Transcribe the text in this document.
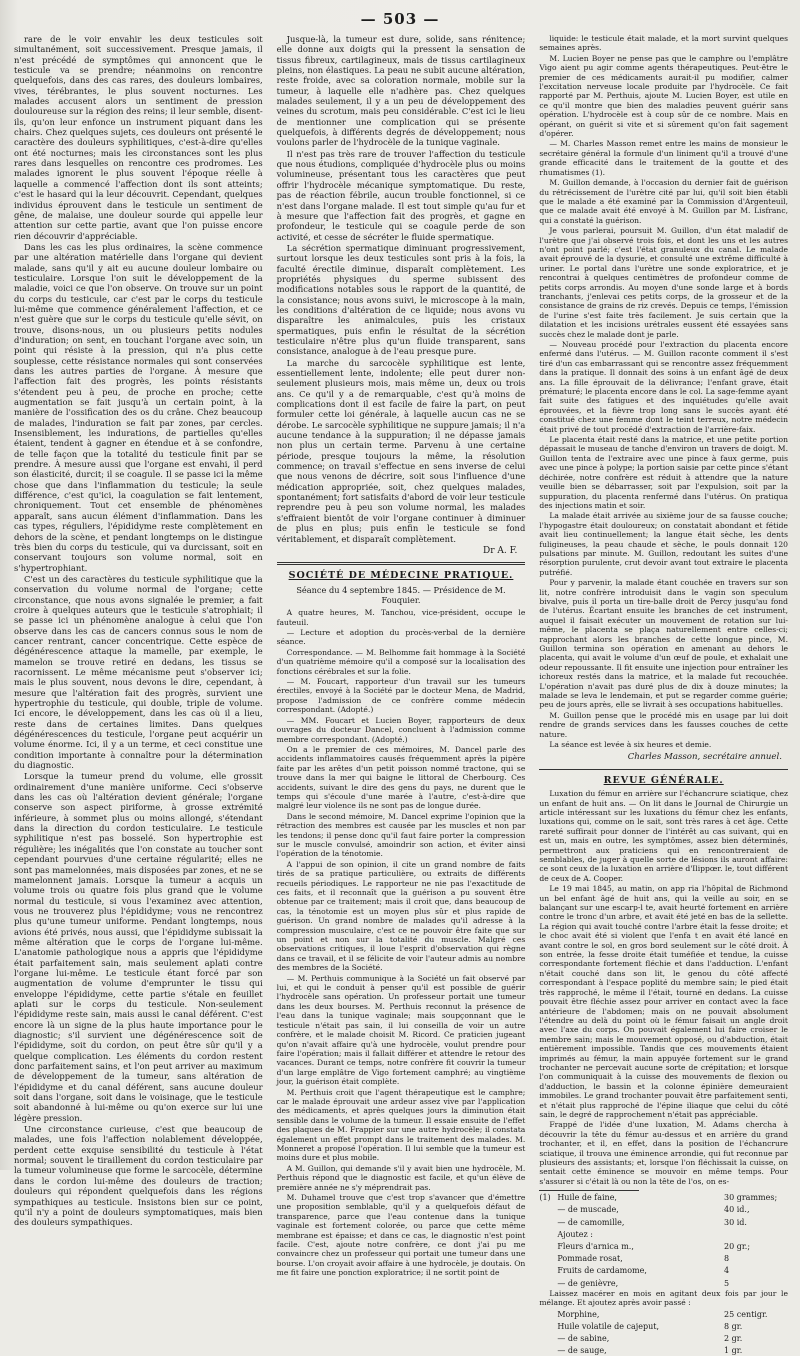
— 503 —

rare de le voir envahir les deux testicules soit simultanément, soit successivement. Presque jamais, il n'est précédé de symptômes qui annoncent que le testicule va se prendre; néanmoins on rencontre quelquefois, dans des cas rares, des douleurs lombaires, vives, térébrantes, le plus souvent nocturnes. Les malades accusent alors un sentiment de pression douloureuse sur la région des reins; il leur semble, disent-ils, qu'on leur enfonce un instrument piquant dans les chairs. Chez quelques sujets, ces douleurs ont présenté le caractère des douleurs syphilitiques, c'est-à-dire qu'elles ont été nocturnes; mais les circonstances sont les plus rares dans lesquelles on rencontre ces prodromes. Les malades ignorent le plus souvent l'époque réelle à laquelle a commencé l'affection dont ils sont atteints; c'est le hasard qui la leur découvrit. Cependant, quelques individus éprouvent dans le testicule un sentiment de gêne, de malaise, une douleur sourde qui appelle leur attention sur cette partie, avant que l'on puisse encore rien découvrir d'appréciable.

Dans les cas les plus ordinaires, la scène commence par une altération matérielle dans l'organe qui devient malade, sans qu'il y ait eu aucune douleur lombaire ou testiculaire. Lorsque l'on suit le développement de la maladie, voici ce que l'on observe. On trouve sur un point du corps du testicule, car c'est par le corps du testicule lui-même que commence généralement l'affection, et ce n'est guère que sur le corps du testicule qu'elle sévit, on trouve, disons-nous, un ou plusieurs petits nodules d'induration; on sent, en touchant l'organe avec soin, un point qui résiste à la pression, qui n'a plus cette souplesse, cette résistance normales qui sont conservées dans les autres parties de l'organe. À mesure que l'affection fait des progrès, les points résistants s'étendent peu à peu, de proche en proche; cette augmentation se fait jusqu'à un certain point, à la manière de l'ossification des os du crâne. Chez beaucoup de malades, l'induration se fait par zones, par cercles. Insensiblement, les indurations, de partielles qu'elles étaient, tendent à gagner en étendue et à se confondre, de telle façon que la totalité du testicule finit par se prendre. À mesure aussi que l'organe est envahi, il perd son élasticité, durcit; il se coagule. Il se passe ici la même chose que dans l'inflammation du testicule; la seule différence, c'est qu'ici, la coagulation se fait lentement, chroniquement. Tout cet ensemble de phénomènes apparaît, sans aucun élément d'inflammation. Dans les cas types, réguliers, l'épididyme reste complètement en dehors de la scène, et pendant longtemps on le distingue très bien du corps du testicule, qui va durcissant, soit en conservant toujours son volume normal, soit en s'hypertrophiant.

C'est un des caractères du testicule syphilitique que la conservation du volume normal de l'organe; cette circonstance, que nous avons signalée le premier, a fait croire à quelques auteurs que le testicule s'atrophiait; il se passe ici un phénomène analogue à celui que l'on observe dans les cas de cancers connus sous le nom de cancer rentrant, cancer concentrique. Cette espèce de dégénérescence attaque la mamelle, par exemple, le mamelon se trouve retiré en dedans, les tissus se racornissent. Le même mécanisme peut s'observer ici; mais le plus souvent, nous devons le dire, cependant, à mesure que l'altération fait des progrès, survient une hypertrophie du testicule, qui double, triple de volume. Ici encore, le développement, dans les cas où il a lieu, reste dans de certaines limites. Dans quelques dégénérescences du testicule, l'organe peut acquérir un volume énorme. Ici, il y a un terme, et ceci constitue une condition importante à connaître pour la détermination du diagnostic.

Lorsque la tumeur prend du volume, elle grossit ordinairement d'une manière uniforme. Ceci s'observe dans les cas où l'altération devient générale; l'organe conserve son aspect piriforme, à grosse extrémité inférieure, à sommet plus ou moins allongé, s'étendant dans la direction du cordon testiculaire. Le testicule syphilitique n'est pas bosselé. Son hypertrophie est régulière; les inégalités que l'on constate au toucher sont cependant pourvues d'une certaine régularité; elles ne sont pas mamelonnées, mais disposées par zones, et ne se mamelonnent jamais. Lorsque la tumeur a acquis un volume trois ou quatre fois plus grand que le volume normal du testicule, si vous l'examinez avec attention, vous ne trouverez plus l'épididyme; vous ne rencontrez plus qu'une tumeur uniforme. Pendant longtemps, nous avions été privés, nous aussi, que l'épididyme subissait la même altération que le corps de l'organe lui-même. L'anatomie pathologique nous a appris que l'épididyme était parfaitement sain, mais seulement aplati contre l'organe lui-même. Le testicule étant forcé par son augmentation de volume d'emprunter le tissu qui enveloppe l'épididyme, cette partie s'étale en feuillet aplati sur le corps du testicule. Non-seulement l'épididyme reste sain, mais aussi le canal déférent. C'est encore là un signe de la plus haute importance pour le diagnostic; s'il survient une dégénérescence soit de l'épididyme, soit du cordon, on peut être sûr qu'il y a quelque complication. Les éléments du cordon restent donc parfaitement sains, et l'on peut arriver au maximum de développement de la tumeur, sans altération de l'épididyme et du canal déférent, sans aucune douleur soit dans l'organe, soit dans le voisinage, que le testicule soit abandonné à lui-même ou qu'on exerce sur lui une légère pression.

Une circonstance curieuse, c'est que beaucoup de malades, une fois l'affection nolablement développée, perdent cette exquise sensibilité du testicule à l'état normal; souvent le tiraillement du cordon testiculaire par la tumeur volumineuse que forme le sarcocèle, détermine dans le cordon lui-même des douleurs de traction; douleurs qui répondent quelquefois dans les régions sympathiques au testicule. Insistons bien sur ce point, qu'il n'y a point de douleurs symptomatiques, mais bien des douleurs sympathiques.

Jusque-là, la tumeur est dure, solide, sans rénitence; elle donne aux doigts qui la pressent la sensation de tissus fibreux, cartilagineux, mais de tissus cartilagineux pleins, non élastiques. La peau ne subit aucune altération, reste froide, avec sa coloration normale, mobile sur la tumeur, à laquelle elle n'adhère pas. Chez quelques malades seulement, il y a un peu de développement des veines du scrotum, mais peu considérable. C'est ici le lieu de mentionner une complication qui se présente quelquefois, à différents degrés de développement; nous voulons parler de l'hydrocèle de la tunique vaginale.

Il n'est pas très rare de trouver l'affection du testicule que nous étudions, compliquée d'hydrocèle plus ou moins volumineuse, présentant tous les caractères que peut offrir l'hydrocèle mécanique symptomatique. Du reste, pas de réaction fébrile, aucun trouble fonctionnel, si ce n'est dans l'organe malade. Il est tout simple qu'au fur et à mesure que l'affection fait des progrès, et gagne en profondeur, le testicule qui se coagule perde de son activité, et cesse de sécréter le fluide spermatique.

La sécrétion spermatique diminuant progressivement, surtout lorsque les deux testicules sont pris à la fois, la faculté érectile diminue, disparaît complètement. Les propriétés physiques du sperme subissent des modifications notables sous le rapport de la quantité, de la consistance; nous avons suivi, le microscope à la main, les conditions d'altération de ce liquide; nous avons vu disparaître les animalcules, puis les cristaux spermatiques, puis enfin le résultat de la sécrétion testiculaire n'être plus qu'un fluide transparent, sans consistance, analogue à de l'eau presque pure.

La marche du sarcocèle syphilitique est lente, essentiellement lente, indolente; elle peut durer non-seulement plusieurs mois, mais même un, deux ou trois ans. Ce qu'il y a de remarquable, c'est qu'à moins de complications dont il est facile de faire la part, on peut formuler cette loi générale, à laquelle aucun cas ne se dérobe. Le sarcocèle syphilitique ne suppure jamais; il n'a aucune tendance à la suppuration; il ne dépasse jamais non plus un certain terme. Parvenu à une certaine période, presque toujours la même, la résolution commence; on travail s'effectue en sens inverse de celui que nous venons de décrire, soit sous l'influence d'une médication appropriée, soit, chez quelques malades, spontanément; fort satisfaits d'abord de voir leur testicule reprendre peu à peu son volume normal, les malades s'effraient bientôt de voir l'organe continuer à diminuer de plus en plus; puis enfin le testicule se fond véritablement, et disparaît complètement.

Dr A. F.
SOCIÉTÉ DE MÉDECINE PRATIQUE.
Séance du 4 septembre 1845. — Présidence de M. Fouquier.

A quatre heures, M. Tanchou, vice-président, occupe le fauteuil.

— Lecture et adoption du procès-verbal de la dernière séance.

Correspondance. — M. Belhomme fait hommage à la Société d'un quatrième mémoire qu'il a composé sur la localisation des fonctions cérébrales et sur la folie.

— M. Foucart, rapporteur d'un travail sur les tumeurs érectiles, envoyé à la Société par le docteur Mena, de Madrid, propose l'admission de ce confrère comme médecin correspondant. (Adopté.)

— MM. Foucart et Lucien Boyer, rapporteurs de deux ouvrages du docteur Dancel, concluent à l'admission comme membre correspondant. (Adopté.)

On a le premier de ces mémoires, M. Dancel parle des accidents inflammatoires causés fréquemment après la pipère faite par les arêtes d'un petit poisson nommé tractone, qui se trouve dans la mer qui baigne le littoral de Cherbourg. Ces accidents, suivant le dire des gens du pays, ne durent que le temps qui s'écoule d'une marée à l'autre, c'est-à-dire que malgré leur violence ils ne sont pas de longue durée.

Dans le second mémoire, M. Dancel exprime l'opinion que la rétraction des membres est causée par les muscles et non par les tendons; il pense donc qu'il faut faire porter la compression sur le muscle convulsé, amoindrir son action, et éviter ainsi l'opération de la ténotomie.

A l'appui de son opinion, il cite un grand nombre de faits tirés de sa pratique particulière, ou extraits de différents recueils périodiques. Le rapporteur ne nie pas l'exactitude de ces faits, et il reconnaît que la guérison a pu souvent être obtenue par ce traitement; mais il croit que, dans beaucoup de cas, la ténotomie est un moyen plus sûr et plus rapide de guérison. Un grand nombre de malades qu'il adresse à la compression musculaire, c'est ce ne pouvoir être faite que sur un point et non sur la totalité du muscle. Malgré ces observations critiques, il loue l'esprit d'observation qui règne dans ce travail, et il se félicite de voir l'auteur admis au nombre des membres de la Société.

— M. Perthuis communique à la Société un fait observé par lui, et qui le conduit à penser qu'il est possible de guérir l'hydrocèle sans opération. Un professeur portait une tumeur dans les deux bourses. M. Perthuis reconnut la présence de l'eau dans la tunique vaginale; mais soupçonnant que le testicule n'était pas sain, il lui conseilla de voir un autre confrère, et le malade choisit M. Ricord. Ce praticien jugeant qu'on n'avait affaire qu'à une hydrocèle, voulut prendre pour faire l'opération; mais il fallait différer et attendre le retour des vacances. Durant ce temps, notre confrère fit couvrir la tumeur d'un large emplâtre de Vigo fortement camphré; au vingtième jour, la guérison était complète.

M. Perthuis croit que l'agent thérapeutique est le camphre; car le malade éprouvait une ardeur assez vive par l'application des médicaments, et après quelques jours la diminution était sensible dans le volume de la tumeur. Il essaie ensuite de l'effet des plaques de M. Frappier sur une autre hydrocèle; il constata également un effet prompt dans le traitement des malades. M. Monneret a proposé l'opération. Il lui semble que la tumeur est moins dure et plus mobile.

A M. Guillon, qui demande s'il y avait bien une hydrocèle, M. Perthuis répond que le diagnostic est facile, et qu'un élève de première année ne s'y méprendrait pas.

M. Duhamel trouve que c'est trop s'avancer que d'émettre une proposition semblable, qu'il y a quelquefois défaut de transparence, parce que l'eau contenue dans la tunique vaginale est fortement colorée, ou parce que cette même membrane est épaisse; et dans ce cas, le diagnostic n'est point facile. C'est, ajoute notre confrère, ce dont j'ai pu me convaincre chez un professeur qui portait une tumeur dans une bourse. L'on croyait avoir affaire à une hydrocèle, je doutais. On me fit faire une ponction exploratrice; il ne sortit point de

liquide: le testicule était malade, et la mort survint quelques semaines après.

M. Lucien Boyer ne pense pas que le camphre ou l'emplâtre Vigo aient pu agir comme agents thérapeutiques. Peut-être le premier de ces médicaments aurait-il pu modifier, calmer l'excitation nerveuse locale produite par l'hydrocèle. Ce fait rapporté par M. Perthuis, ajoute M. Lucien Boyer, est utile en ce qu'il montre que bien des maladies peuvent guérir sans opération. L'hydrocèle est à coup sûr de ce nombre. Mais en opérant, on guérit si vite et si sûrement qu'on fait sagement d'opérer.

— M. Charles Masson remet entre les mains de monsieur le secrétaire général la formule d'un liniment qu'il a trouvé d'une grande efficacité dans le traitement de la goutte et des rhumatismes (1).

M. Guillon demande, à l'occasion du dernier fait de guérison du rétrécissement de l'urètre cité par lui, qu'il soit bien établi que le malade a été examiné par la Commission d'Argenteuil, que ce malade avait été envoyé à M. Guillon par M. Lisfranc, qui a constaté la guérison.

Je vous parlerai, poursuit M. Guillon, d'un état maladif de l'urètre que j'ai observé trois fois, et dont les uns et les autres n'ont point parlé; c'est l'état granuleux du canal. Le malade avait éprouvé de la dysurie, et consulté une extrême difficulté à uriner. Le portal dans l'urètre une sonde exploratrice, et je rencontrai à quelques centimètres de profondeur comme de petits corps arrondis. Au moyen d'une sonde large et à bords tranchants, j'enlevai ces petits corps, de la grosseur et de la consistance de grains de riz crevés. Depuis ce temps, l'émission de l'urine s'est faite très facilement. Je suis certain que la dilatation et les incisions urétrales eussent été essayées sans succès chez le malade dont je parle.

— Nouveau procédé pour l'extraction du placenta encore enfermé dans l'utérus. — M. Guillon raconte comment il s'est tiré d'un cas embarrassant qui se rencontre assez fréquemment dans la pratique. Il donnait des soins à un enfant âgé de deux ans. La fille éprouvait de la délivrance; l'enfant grave, était prématuré; le placenta encore dans le col. La sage-femme ayant fait suite des fatigues et des inquiétudes qu'elle avait éprouvées, et la fièvre trop long sans le succès ayant été constitué chez une femme dont le teint terreux, notre médecin était privé de tout procédé d'extraction de l'arrière-faix.

Le placenta était resté dans la matrice, et une petite portion dépassait le museau de tanche d'environ un travers de doigt. M. Guillon tenta de l'extraire avec une pince à faux germe, puis avec une pince à polype; la portion saisie par cette pince s'étant déchirée, notre confrère est réduit à attendre que la nature veuille bien se débarrasser, soit par l'expulsion, soit par la suppuration, du placenta renfermé dans l'utérus. On pratiqua des injections matin et soir.

La malade était arrivée au sixième jour de sa fausse couche; l'hypogastre était douloureux; on constatait abondant et fétide avait lieu continuellement; la langue était sèche, les dents fuligineuses, la peau chaude et sèche, le pouls donnait 120 pulsations par minute. M. Guillon, redoutant les suites d'une résorption purulente, crut devoir avant tout extraire le placenta putréfié.

Pour y parvenir, la malade étant couchée en travers sur son lit, notre confrère introduisit dans le vagin son speculum bivalve, puis il porta un tire-balle droit de Percy jusqu'au fond de l'utérus. Écartant ensuite les branches de cet instrument, auquel il faisait exécuter un mouvement de rotation sur lui-même, le placenta se plaça naturellement entre celles-ci; rapprochant alors les branches de cette longue pince, M. Guillon termina son opération en amenant au dehors le placenta, qui avait le volume d'un œuf de poule, et exhalait une odeur repoussante. Il fit ensuite une injection pour entraîner les ichoreux restés dans la matrice, et la malade fut recouchée. L'opération n'avait pas duré plus de dix à douze minutes; la malade se leva le lendemain, et put se regarder comme guérie; peu de jours après, elle se livrait à ses occupations habituelles.

M. Guillon pense que le procédé mis en usage par lui doit rendre de grands services dans les fausses couches de cette nature.

La séance est levée à six heures et demie.

Charles Masson, secrétaire annuel.
REVUE GÉNÉRALE.

Luxation du fémur en arrière sur l'échancrure sciatique, chez un enfant de huit ans. — On lit dans le Journal de Chirurgie un article intéressant sur les luxations du fémur chez les enfants, luxations qui, comme on le sait, sont très rares à cet âge. Cette rareté suffirait pour donner de l'intérêt au cas suivant, qui en est un, mais en outre, les symptômes, assez bien déterminés, permettront aux praticiens qui en rencontreraient de semblables, de juger à quelle sorte de lésions ils auront affaire: ce sont ceux de la luxation en arrière d'Ilippœr. le, tout différent de ceux de A. Cooper.

Le 19 mai 1845, au matin, on app ria l'hôpital de Richmond un bel enfant âgé de huit ans, qui la veille au soir, en se balançant sur une escarp-l te, avait heurté fortement en arrière contre le tronc d'un arbre, et avait été jeté en bas de la sellette. La région qui avait touché contre l'arbre était la fesse droite; et le choc avait été si violent que l'enfa t en avait été lancé en avant contre le sol, en gros bord seulement sur le côté droit. À son entrée, la fesse droite était tuméfiée et tendue, la cuisse correspondante fortement fléchie et dans l'adduction. L'enfant n'était couché dans son lit, le genou du côté affecté correspondant à l'espace poplité du membre sain; le pied était très rapproché, le même il l'était, tourné en dedans. La cuisse pouvait être fléchie assez pour arriver en contact avec la face antérieure de l'abdomen; mais on ne pouvait absolument l'étendre au delà du point où le fémur faisait un angle droit avec l'axe du corps. On pouvait également lui faire croiser le membre sain; mais le mouvement opposé, ou d'abduction, était entièrement impossible. Tandis que ces mouvements étaient imprimés au fémur, la main appuyée fortement sur le grand trochanter ne percevait aucune sorte de crépitation; et lorsque l'on communiquait à la cuisse des mouvements de flexion ou d'adduction, le bassin et la colonne épinière demeuraient immobiles. Le grand trochanter pouvait être parfaitement senti, et n'était plus rapproché de l'épine iliaque que celui du côté sain, le degré de rapprochement n'était pas appréciable.

Frappé de l'idée d'une luxation, M. Adams chercha à découvrir la tête du fémur au-dessus et en arrière du grand trochanter, et il, en effet, dans la position de l'échancrure sciatique, il trouva une éminence arrondie, qui fut reconnue par plusieurs des assistants; et, lorsque l'on fléchissait la cuisse, on sentait cette éminence se mouvoir en même temps. Pour s'assurer si c'était là ou non la tête de l'os, on es-

(1) Huile de faine,	30 grammes;
— de muscade,	40 id.,
— de camomille,	30 id.
Ajoutez :
Fleurs d'arnica m.,	20 gr.;
Pommade rosat,	8
Fruits de cardamome,	4
— de genièvre,	5
Laissez macérer en mois en agitant deux fois par jour le mélange. Et ajoutez après avoir passé :
Morphine,	25 centigr.
Huile volatile de cajeput,	8 gr.
— de sabine,	2 gr.
— de sauge,	1 gr.
